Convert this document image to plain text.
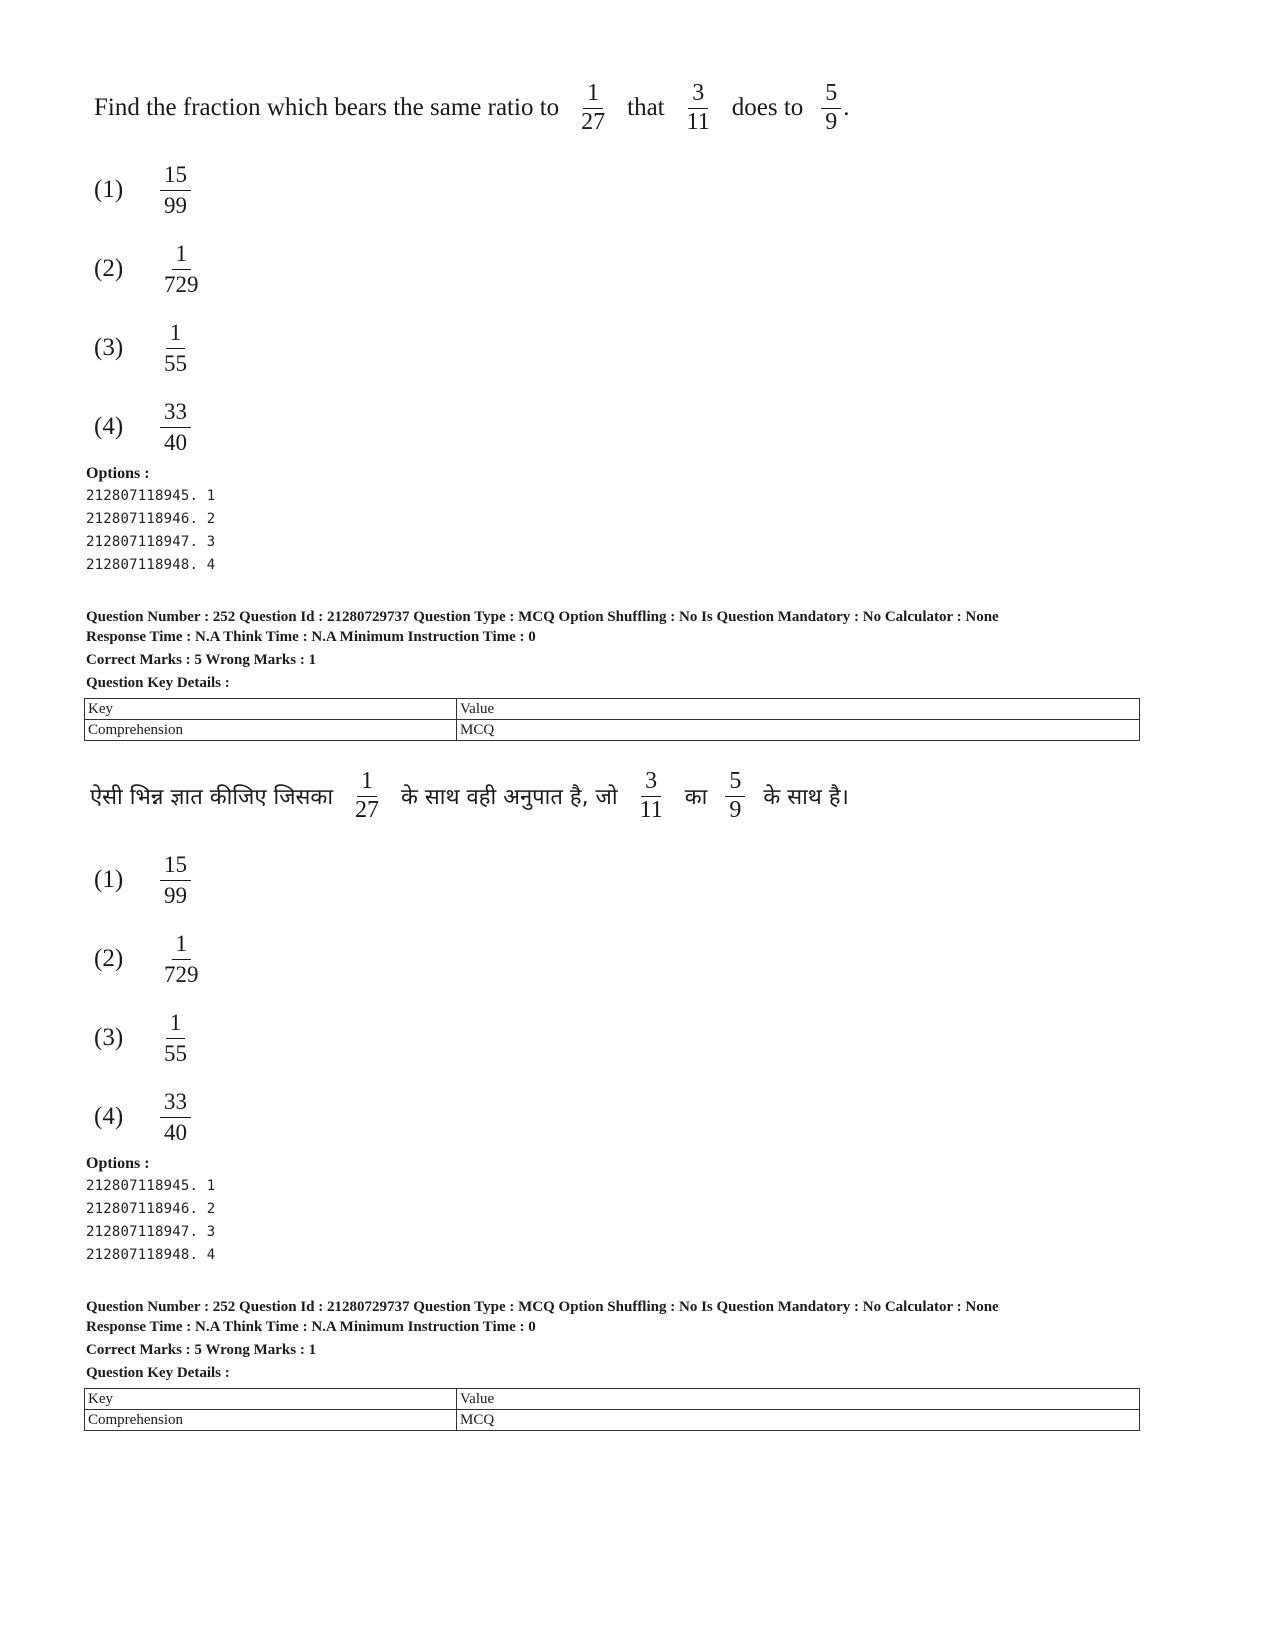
Find the fraction which bears the same ratio to $\frac{1}{27}$ that $\frac{3}{11}$ does to $\frac{5}{9}$ .
(1)	$\frac{15}{99}$
(2)	$\frac{1}{729}$
(3)	$\frac{1}{55}$
(4)	$\frac{33}{40}$
Options :
212807118945. 1
212807118946. 2
212807118947. 3
212807118948. 4
Question Number : 252 Question Id : 21280729737 Question Type : MCQ Option Shuffling : No Is Question Mandatory : No Calculator : None
Response Time : N.A Think Time : N.A Minimum Instruction Time : 0
Correct Marks : 5 Wrong Marks : 1
Question Key Details :
Key	Value
Comprehension	MCQ
ऐसी भिन्न ज्ञात कीजिए जिसका $\frac{1}{27}$ के साथ वही अनुपात है, जो $\frac{3}{11}$ का $\frac{5}{9}$ के साथ है।
(1)	$\frac{15}{99}$
(2)	$\frac{1}{729}$
(3)	$\frac{1}{55}$
(4)	$\frac{33}{40}$
Options :
212807118945. 1
212807118946. 2
212807118947. 3
212807118948. 4
Question Number : 252 Question Id : 21280729737 Question Type : MCQ Option Shuffling : No Is Question Mandatory : No Calculator : None
Response Time : N.A Think Time : N.A Minimum Instruction Time : 0
Correct Marks : 5 Wrong Marks : 1
Question Key Details :
Key	Value
Comprehension	MCQ
